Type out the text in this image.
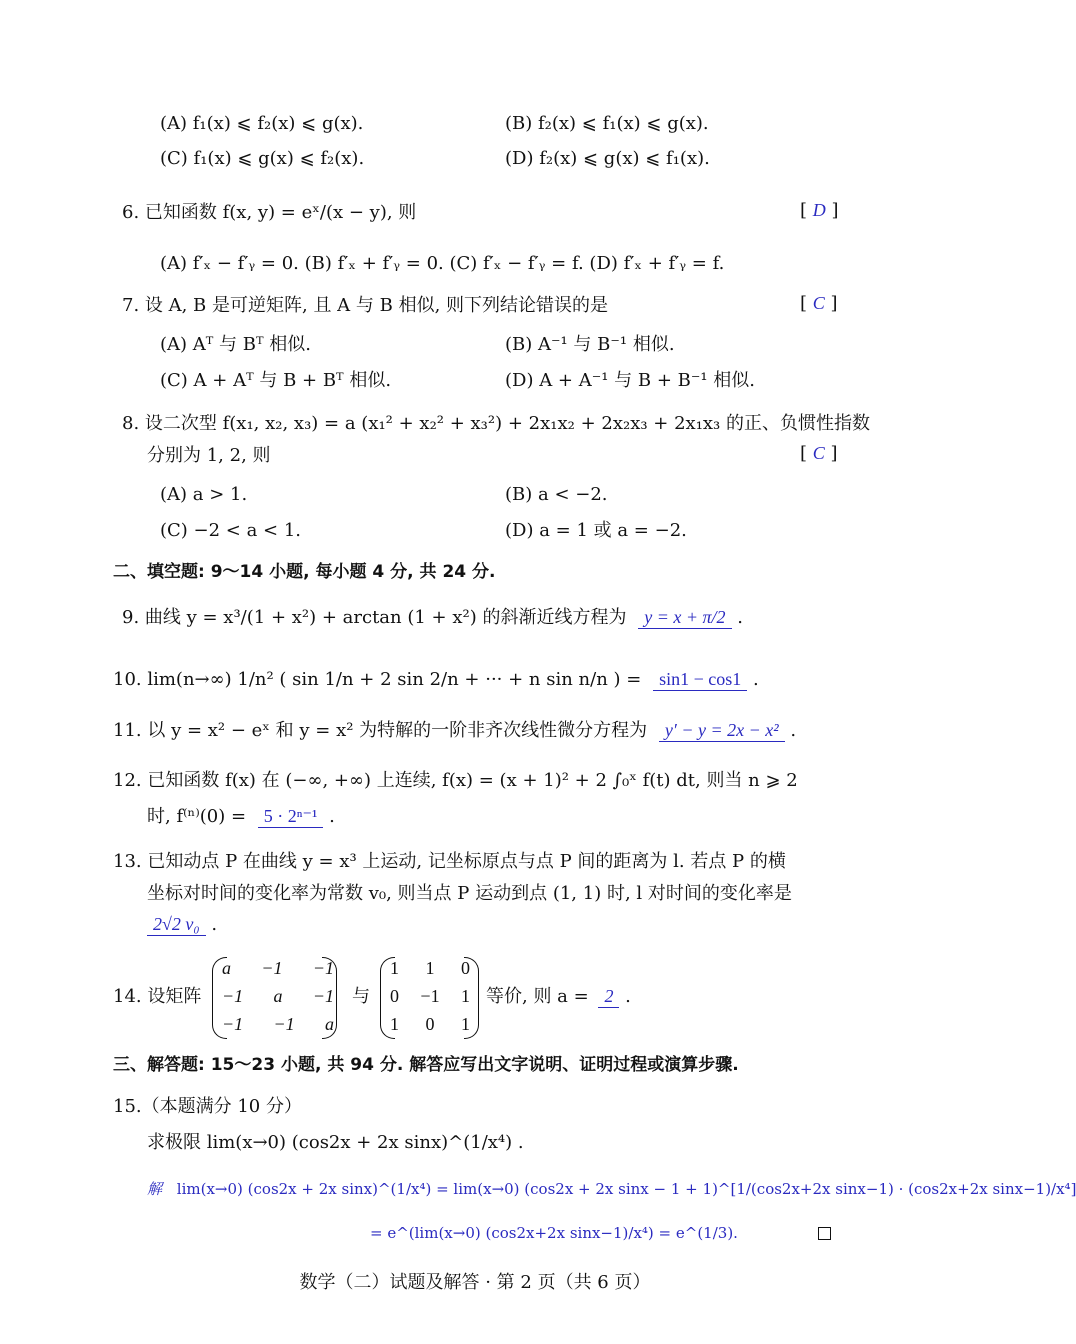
(A) f₁(x) ⩽ f₂(x) ⩽ g(x).	(B) f₂(x) ⩽ f₁(x) ⩽ g(x).
(C) f₁(x) ⩽ g(x) ⩽ f₂(x).	(D) f₂(x) ⩽ g(x) ⩽ f₁(x).
6. 已知函数 f(x, y) = eˣ/(x − y), 则	[ D ]
(A) f′ₓ − f′ᵧ = 0. (B) f′ₓ + f′ᵧ = 0. (C) f′ₓ − f′ᵧ = f. (D) f′ₓ + f′ᵧ = f.
7. 设 A, B 是可逆矩阵, 且 A 与 B 相似, 则下列结论错误的是	[ C ]
(A) Aᵀ 与 Bᵀ 相似.	(B) A⁻¹ 与 B⁻¹ 相似.
(C) A + Aᵀ 与 B + Bᵀ 相似.	(D) A + A⁻¹ 与 B + B⁻¹ 相似.
8. 设二次型 f(x₁, x₂, x₃) = a (x₁² + x₂² + x₃²) + 2x₁x₂ + 2x₂x₃ + 2x₁x₃ 的正、负惯性指数
分别为 1, 2, 则	[ C ]
(A) a > 1.	(B) a < −2.
(C) −2 < a < 1.	(D) a = 1 或 a = −2.
二、填空题: 9～14 小题, 每小题 4 分, 共 24 分.
9. 曲线 y = x³/(1 + x²) + arctan (1 + x²) 的斜渐近线方程为 y = x + π/2 .
10. lim(n→∞) 1/n² ( sin 1/n + 2 sin 2/n + ··· + n sin n/n ) = sin1 − cos1 .
11. 以 y = x² − eˣ 和 y = x² 为特解的一阶非齐次线性微分方程为 y′ − y = 2x − x² .
12. 已知函数 f(x) 在 (−∞, +∞) 上连续, f(x) = (x + 1)² + 2 ∫₀ˣ f(t) dt, 则当 n ⩾ 2
时, f⁽ⁿ⁾(0) = 5 · 2ⁿ⁻¹ .
13. 已知动点 P 在曲线 y = x³ 上运动, 记坐标原点与点 P 间的距离为 l. 若点 P 的横
坐标对时间的变化率为常数 v₀, 则当点 P 运动到点 (1, 1) 时, l 对时间的变化率是
2√2 v₀ .
14. 设矩阵
a −1 −1
−1 a −1
−1 −1 a
与
1 1 0
0 −1 1
1 0 1
等价, 则 a = 2 .
三、解答题: 15～23 小题, 共 94 分. 解答应写出文字说明、证明过程或演算步骤.
15.（本题满分 10 分）
求极限 lim(x→0) (cos2x + 2x sinx)^(1/x⁴) .
解 lim(x→0) (cos2x + 2x sinx)^(1/x⁴) = lim(x→0) (cos2x + 2x sinx − 1 + 1)^[1/(cos2x+2x sinx−1) · (cos2x+2x sinx−1)/x⁴]
= e^(lim(x→0) (cos2x+2x sinx−1)/x⁴) = e^(1/3).
数学（二）试题及解答 · 第 2 页（共 6 页）
